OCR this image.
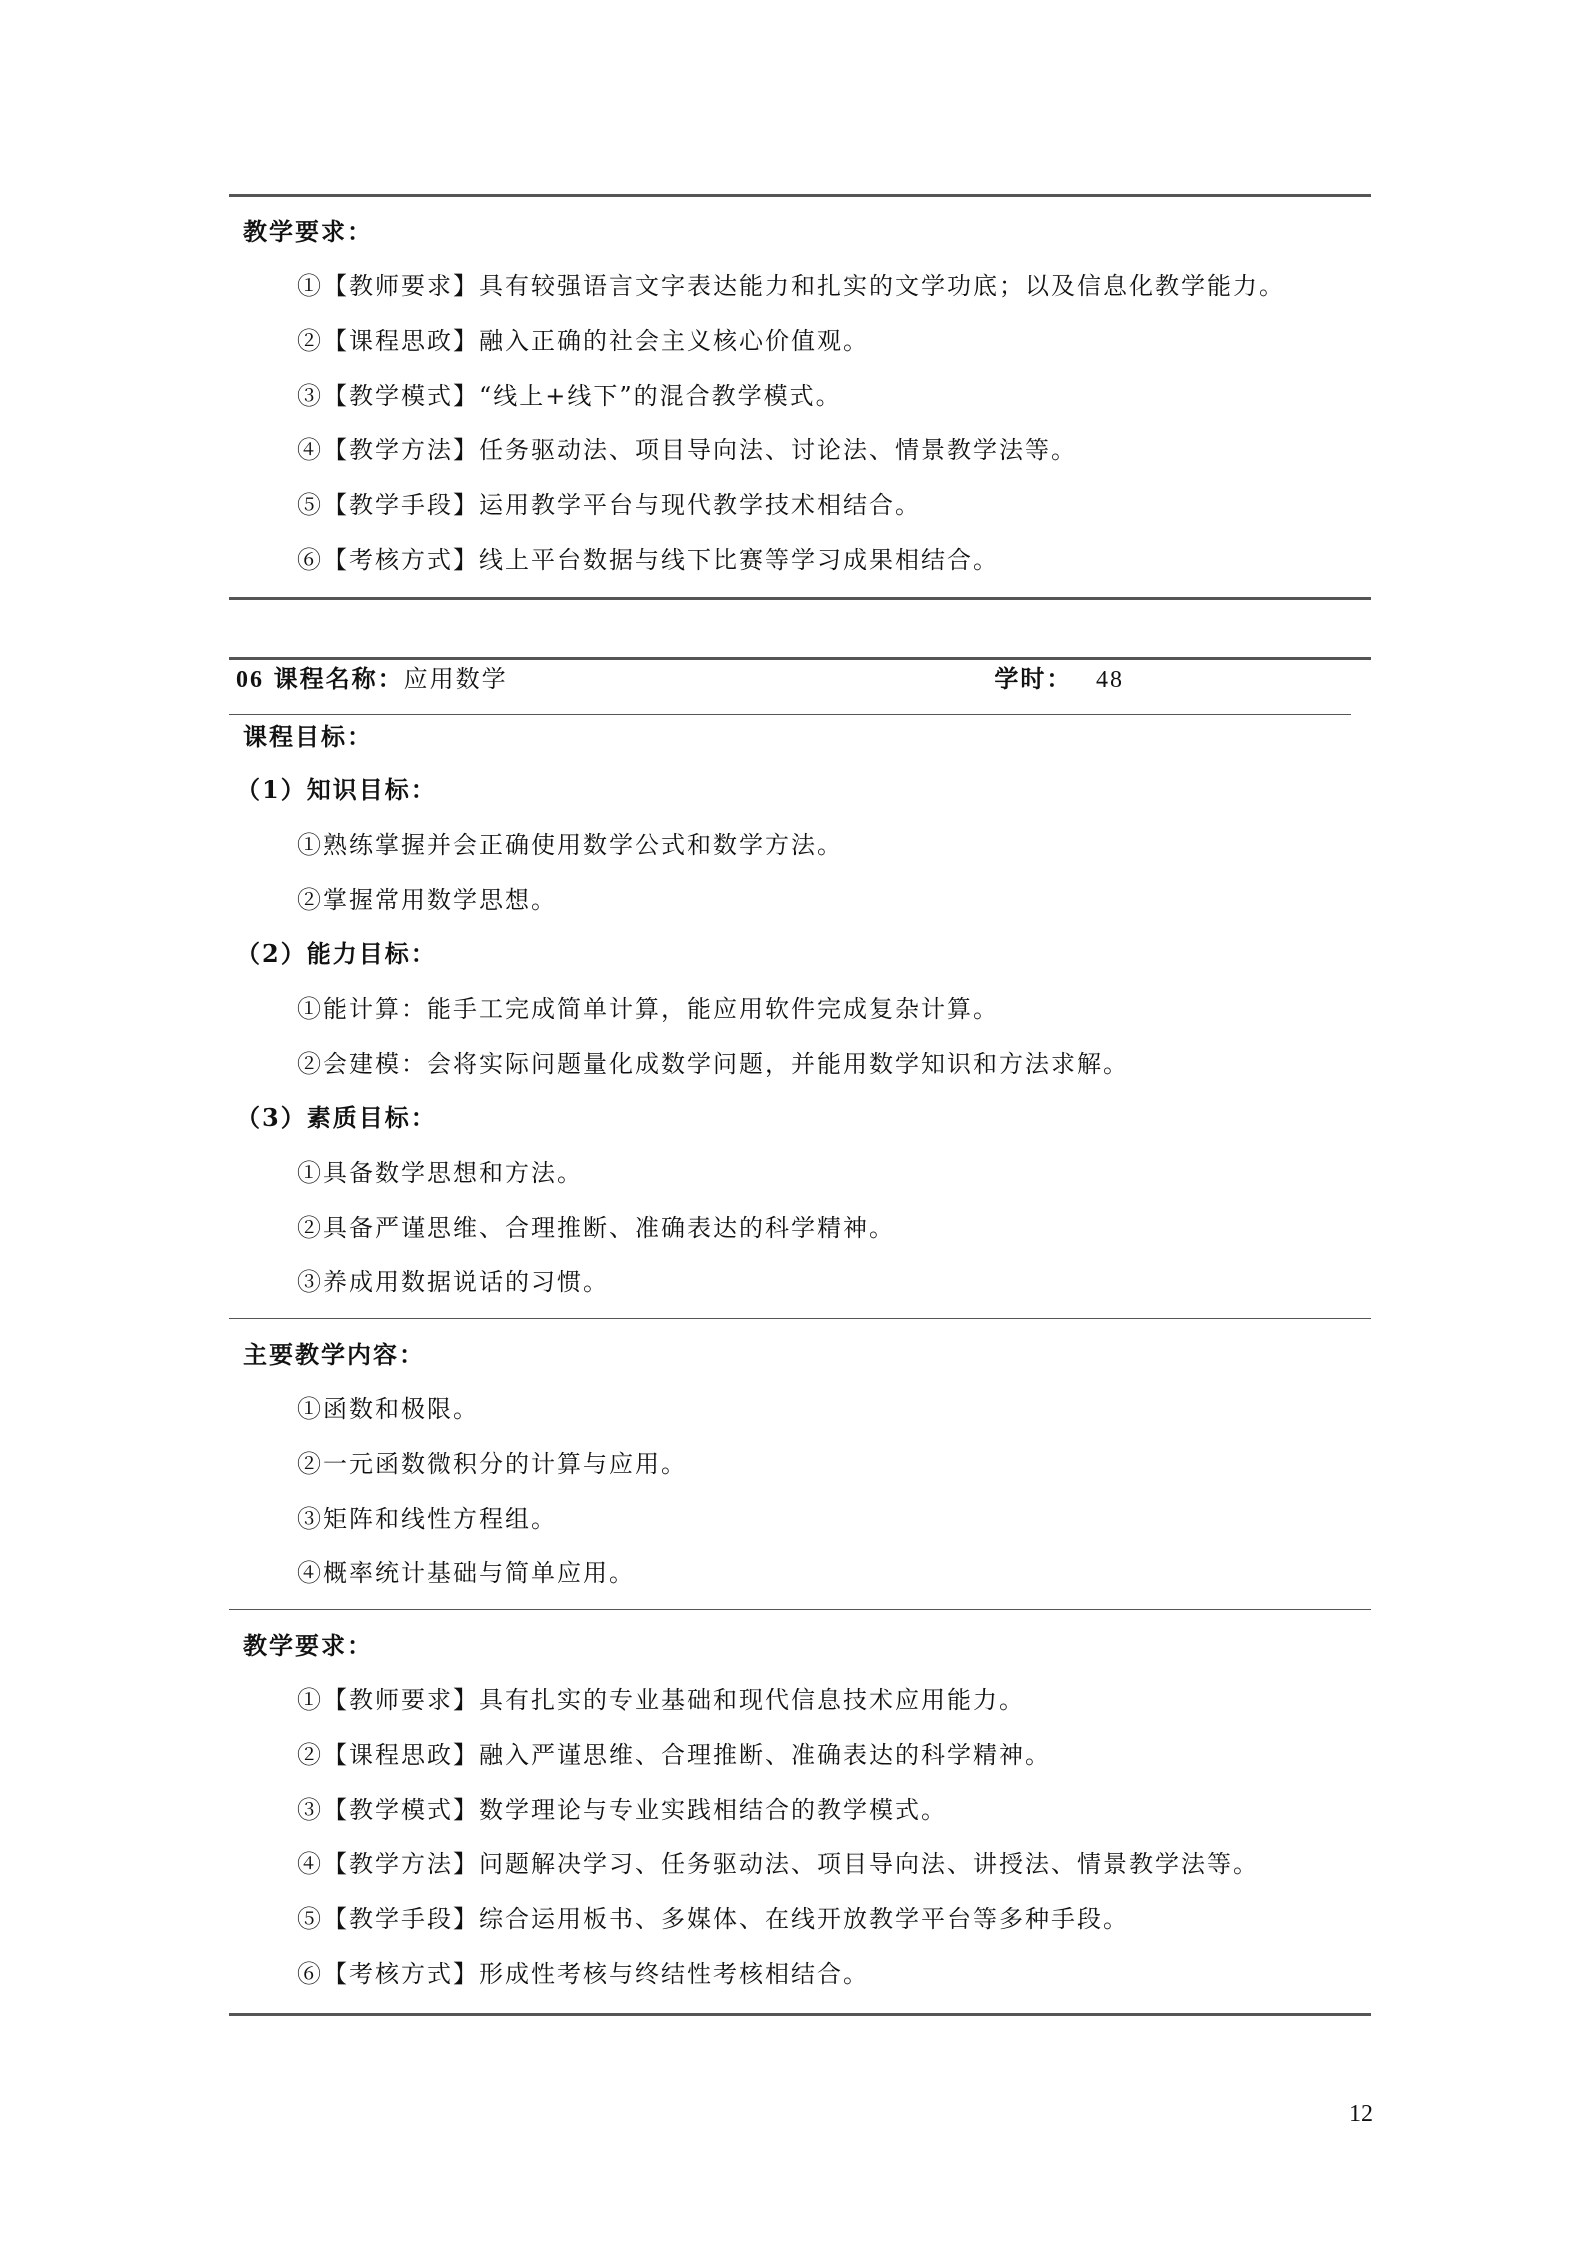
教学要求：
①【教师要求】具有较强语言文字表达能力和扎实的文学功底；以及信息化教学能力。
②【课程思政】融入正确的社会主义核心价值观。
③【教学模式】“线上+线下”的混合教学模式。
④【教学方法】任务驱动法、项目导向法、讨论法、情景教学法等。
⑤【教学手段】运用教学平台与现代教学技术相结合。
⑥【考核方式】线上平台数据与线下比赛等学习成果相结合。
06 课程名称：应用数学	学时： 48
课程目标：
（1）知识目标：
①熟练掌握并会正确使用数学公式和数学方法。
②掌握常用数学思想。
（2）能力目标：
①能计算：能手工完成简单计算，能应用软件完成复杂计算。
②会建模：会将实际问题量化成数学问题，并能用数学知识和方法求解。
（3）素质目标：
①具备数学思想和方法。
②具备严谨思维、合理推断、准确表达的科学精神。
③养成用数据说话的习惯。
主要教学内容：
①函数和极限。
②一元函数微积分的计算与应用。
③矩阵和线性方程组。
④概率统计基础与简单应用。
教学要求：
①【教师要求】具有扎实的专业基础和现代信息技术应用能力。
②【课程思政】融入严谨思维、合理推断、准确表达的科学精神。
③【教学模式】数学理论与专业实践相结合的教学模式。
④【教学方法】问题解决学习、任务驱动法、项目导向法、讲授法、情景教学法等。
⑤【教学手段】综合运用板书、多媒体、在线开放教学平台等多种手段。
⑥【考核方式】形成性考核与终结性考核相结合。
12
